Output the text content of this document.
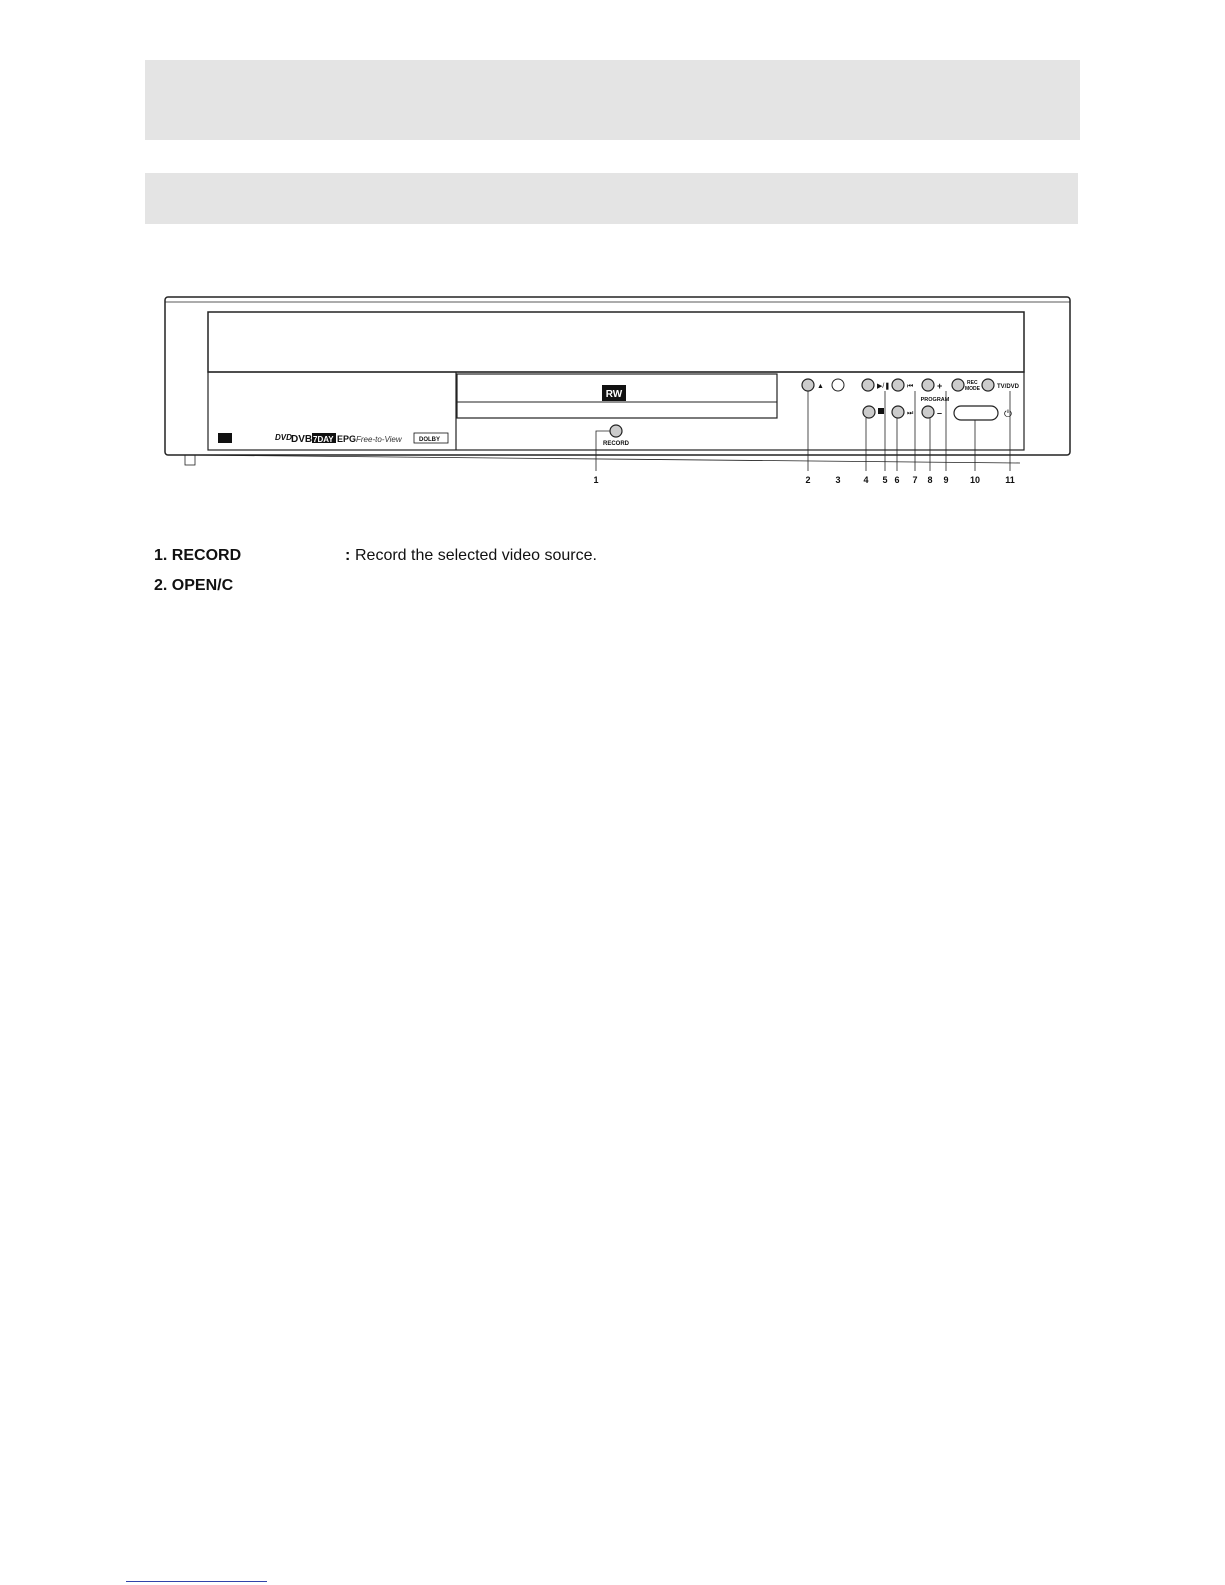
RW
DVD DVB 7DAY EPG Free-to-View	DOLBY
RECORD
▲	▶/❚ ⏮
⏭
+
PROGRAM
–
REC
MODE	TV/DVD
⏻
1	2	3	4 5 6 7 8 9 10	11
1. RECORD	: Record the selected video source.
2. OPEN/C
